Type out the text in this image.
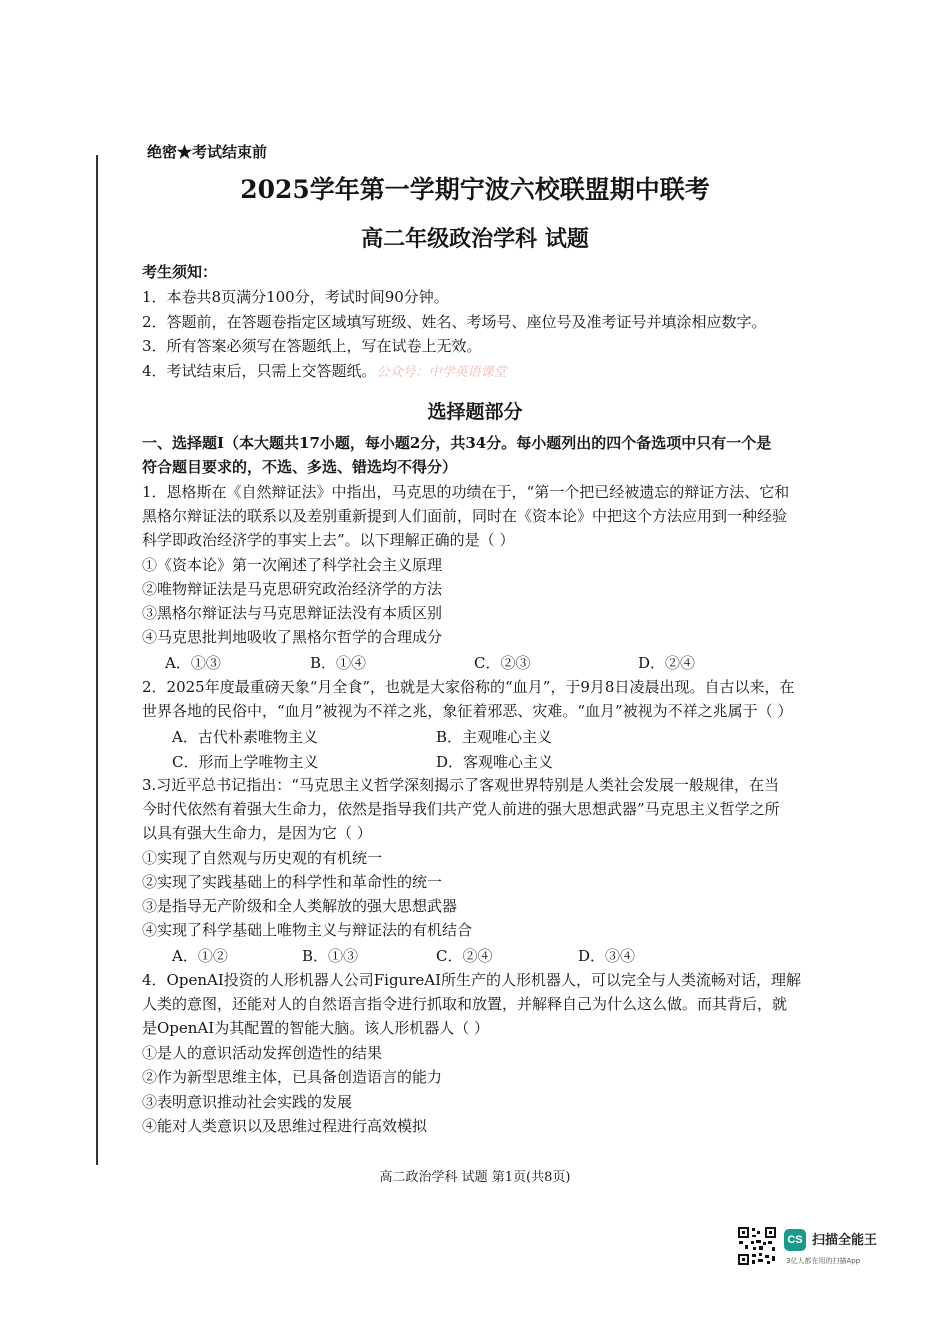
绝密★考试结束前
2025学年第一学期宁波六校联盟期中联考
高二年级政治学科 试题
考生须知：
1．本卷共8页满分100分，考试时间90分钟。
2．答题前，在答题卷指定区域填写班级、姓名、考场号、座位号及准考证号并填涂相应数字。
3．所有答案必须写在答题纸上，写在试卷上无效。
4．考试结束后，只需上交答题纸。公众号：中学英语课堂
选择题部分
一、选择题Ⅰ（本大题共17小题，每小题2分，共34分。每小题列出的四个备选项中只有一个是
符合题目要求的，不选、多选、错选均不得分）
1．恩格斯在《自然辩证法》中指出，马克思的功绩在于，“第一个把已经被遗忘的辩证方法、它和
黑格尔辩证法的联系以及差别重新提到人们面前，同时在《资本论》中把这个方法应用到一种经验
科学即政治经济学的事实上去”。以下理解正确的是（ ）
①《资本论》第一次阐述了科学社会主义原理
②唯物辩证法是马克思研究政治经济学的方法
③黑格尔辩证法与马克思辩证法没有本质区别
④马克思批判地吸收了黑格尔哲学的合理成分
A．①③	B．①④	C．②③	D．②④
2．2025年度最重磅天象“月全食”，也就是大家俗称的“血月”，于9月8日凌晨出现。自古以来，在
世界各地的民俗中，“血月”被视为不祥之兆，象征着邪恶、灾难。“血月”被视为不祥之兆属于（ ）
A．古代朴素唯物主义	B．主观唯心主义
C．形而上学唯物主义	D．客观唯心主义
3.习近平总书记指出：“马克思主义哲学深刻揭示了客观世界特别是人类社会发展一般规律，在当
今时代依然有着强大生命力，依然是指导我们共产党人前进的强大思想武器”马克思主义哲学之所
以具有强大生命力，是因为它（ ）
①实现了自然观与历史观的有机统一
②实现了实践基础上的科学性和革命性的统一
③是指导无产阶级和全人类解放的强大思想武器
④实现了科学基础上唯物主义与辩证法的有机结合
A．①②	B．①③	C．②④	D．③④
4．OpenAI投资的人形机器人公司FigureAI所生产的人形机器人，可以完全与人类流畅对话，理解
人类的意图，还能对人的自然语言指令进行抓取和放置，并解释自己为什么这么做。而其背后，就
是OpenAI为其配置的智能大脑。该人形机器人（ ）
①是人的意识活动发挥创造性的结果
②作为新型思维主体，已具备创造语言的能力
③表明意识推动社会实践的发展
④能对人类意识以及思维过程进行高效模拟
高二政治学科 试题 第1页(共8页)
CS 扫描全能王
3亿人都在用的扫描App
